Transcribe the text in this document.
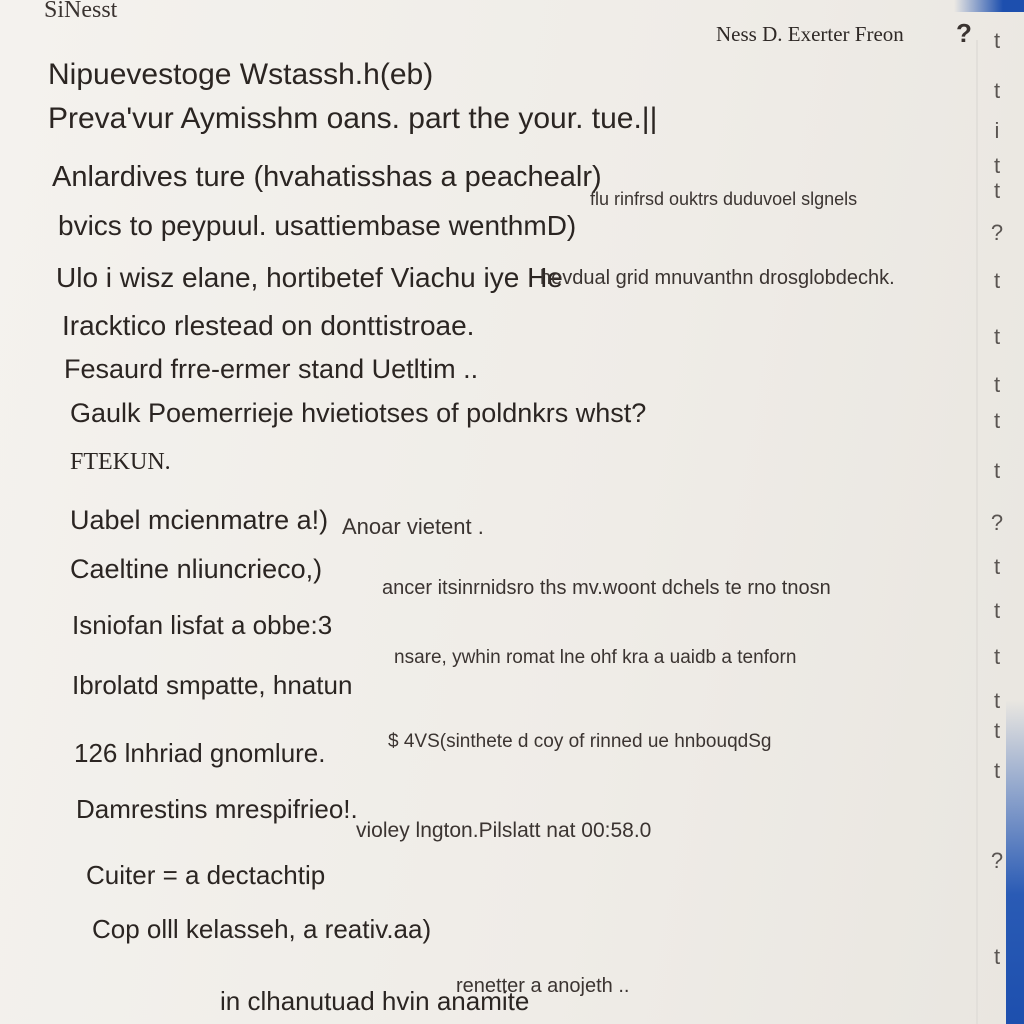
SiNesst
Ness D. Exerter Freon ?
Nipuevestoge Wstassh.h(eb)
Preva'vur Aymisshm oans. part the your. tue.||
Anlardives ture (hvahatisshas a peachealr)
bvics to peypuul. usattiembase wenthmD)
Ulo i wisz elane, hortibetef Viachu iye He
Iracktico rlestead on donttistroae.
Fesaurd frre-ermer stand Uetltim ..
Gaulk Poemerrieje hvietiotses of poldnkrs whst?
FTEKUN.
Uabel mcienmatre a!)
Caeltine nliuncrieco,)
Isniofan lisfat a obbe:3
Ibrolatd smpatte, hnatun
126 lnhriad gnomlure.
Damrestins mrespifrieo!.
Cuiter = a dectachtip
Cop olll kelasseh, a reativ.aa)
in clhanutuad hvin anamite
flu rinfrsd ouktrs duduvoel slgnels
hevdual grid mnuvanthn drosglobdechk.
Anoar vietent .
ancer itsinrnidsro ths mv.woont dchels te rno tnosn
nsare, ywhin romat lne ohf kra a uaidb a tenforn
$ 4VS(sinthete d coy of rinned ue hnbouqdSg
violey lngton.Pilslatt nat 00:58.0
renetter a anojeth ..
t
t
i
t
t
?
t
t
t
t
t
?
t
t
t
t
t
t
?
t
